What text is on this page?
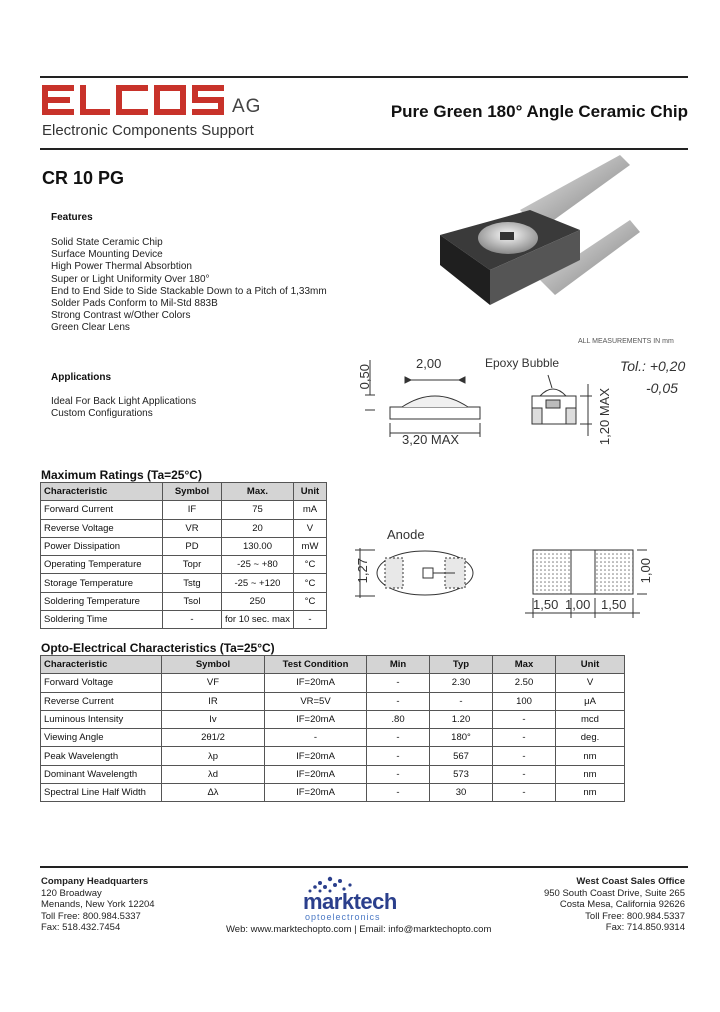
AG
Electronic Components Support
Pure Green 180° Angle Ceramic Chip
CR 10 PG
Features
Solid State Ceramic Chip
Surface Mounting Device
High Power Thermal Absorbtion
Super or Light Uniformity Over 180°
End to End Side to Side Stackable Down to a Pitch of 1,33mm
Solder Pads Conform to Mil-Std 883B
Strong Contrast w/Other Colors
Green Clear Lens
Applications
Ideal For Back Light Applications
Custom Configurations
ALL MEASUREMENTS IN mm
2,00
0,50
3,20 MAX
Epoxy Bubble
1,20 MAX
Tol.: +0,20
-0,05
Anode
1,27
1,50 1,00 1,50
1,00
Maximum Ratings (Ta=25°C)
Characteristic	Symbol	Max.	Unit
Forward Current	IF	75	mA
Reverse Voltage	VR	20	V
Power Dissipation	PD	130.00	mW
Operating Temperature	Topr	-25 ~ +80	°C
Storage Temperature	Tstg	-25 ~ +120	°C
Soldering Temperature	Tsol	250	°C
Soldering Time	-	for 10 sec. max	-
Opto-Electrical Characteristics (Ta=25°C)
Characteristic	Symbol	Test Condition	Min	Typ	Max	Unit
Forward Voltage	VF	IF=20mA	-	2.30	2.50	V
Reverse Current	IR	VR=5V	-	-	100	μA
Luminous Intensity	Iv	IF=20mA	.80	1.20	-	mcd
Viewing Angle	2θ1/2	-	-	180°	-	deg.
Peak Wavelength	λp	IF=20mA	-	567	-	nm
Dominant Wavelength	λd	IF=20mA	-	573	-	nm
Spectral Line Half Width	Δλ	IF=20mA	-	30	-	nm
Company Headquarters
120 Broadway
Menands, New York 12204
Toll Free: 800.984.5337
Fax: 518.432.7454
West Coast Sales Office
950 South Coast Drive, Suite 265
Costa Mesa, California 92626
Toll Free: 800.984.5337
Fax: 714.850.9314
marktech
optoelectronics
Web: www.marktechopto.com | Email: info@marktechopto.com
